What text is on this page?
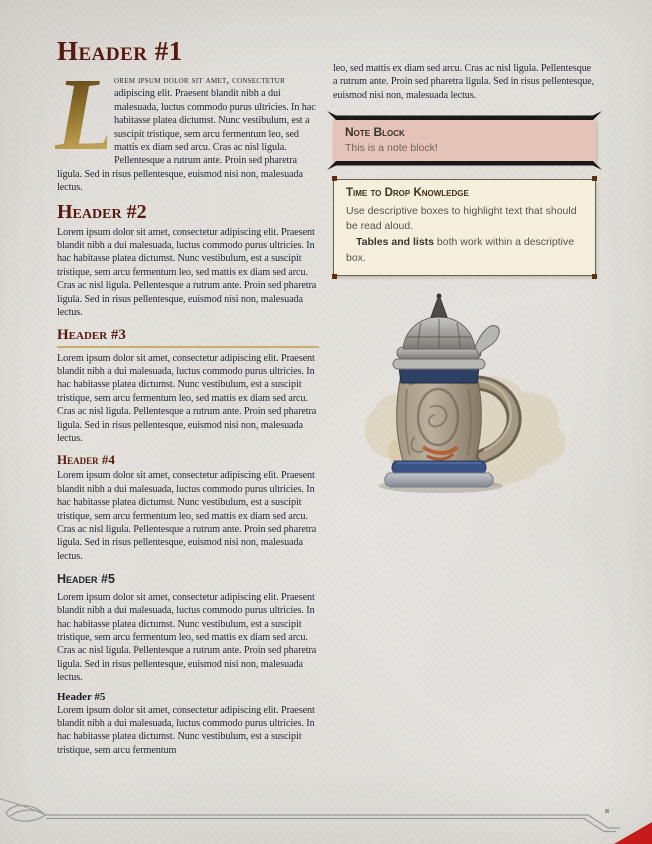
Header #1

L
orem ipsum dolor sit amet, consectetur adipiscing elit. Praesent blandit nibh a dui malesuada, luctus commodo purus ultricies. In hac habitasse platea dictumst. Nunc vestibulum, est a suscipit tristique, sem arcu fermentum leo, sed mattis ex diam sed arcu. Cras ac nisl ligula. Pellentesque a rutrum ante. Proin sed pharetra ligula. Sed in risus pellentesque, euismod nisi non, malesuada lectus.

Header #2

Lorem ipsum dolor sit amet, consectetur adipiscing elit. Praesent blandit nibh a dui malesuada, luctus commodo purus ultricies. In hac habitasse platea dictumst. Nunc vestibulum, est a suscipit tristique, sem arcu fermentum leo, sed mattis ex diam sed arcu. Cras ac nisl ligula. Pellentesque a rutrum ante. Proin sed pharetra ligula. Sed in risus pellentesque, euismod nisi non, malesuada lectus.

Header #3

Lorem ipsum dolor sit amet, consectetur adipiscing elit. Praesent blandit nibh a dui malesuada, luctus commodo purus ultricies. In hac habitasse platea dictumst. Nunc vestibulum, est a suscipit tristique, sem arcu fermentum leo, sed mattis ex diam sed arcu. Cras ac nisl ligula. Pellentesque a rutrum ante. Proin sed pharetra ligula. Sed in risus pellentesque, euismod nisi non, malesuada lectus.

Header #4

Lorem ipsum dolor sit amet, consectetur adipiscing elit. Praesent blandit nibh a dui malesuada, luctus commodo purus ultricies. In hac habitasse platea dictumst. Nunc vestibulum, est a suscipit tristique, sem arcu fermentum leo, sed mattis ex diam sed arcu. Cras ac nisl ligula. Pellentesque a rutrum ante. Proin sed pharetra ligula. Sed in risus pellentesque, euismod nisi non, malesuada lectus.

Header #5

Lorem ipsum dolor sit amet, consectetur adipiscing elit. Praesent blandit nibh a dui malesuada, luctus commodo purus ultricies. In hac habitasse platea dictumst. Nunc vestibulum, est a suscipit tristique, sem arcu fermentum leo, sed mattis ex diam sed arcu. Cras ac nisl ligula. Pellentesque a rutrum ante. Proin sed pharetra ligula. Sed in risus pellentesque, euismod nisi non, malesuada lectus.

Header #5

Lorem ipsum dolor sit amet, consectetur adipiscing elit. Praesent blandit nibh a dui malesuada, luctus commodo purus ultricies. In hac habitasse platea dictumst. Nunc vestibulum, est a suscipit tristique, sem arcu fermentum

leo, sed mattis ex diam sed arcu. Cras ac nisl ligula. Pellentesque a rutrum ante. Proin sed pharetra ligula. Sed in risus pellentesque, euismod nisi non, malesuada lectus.

Note Block
This is a note block!
Time to Drop Knowledge

Use descriptive boxes to highlight text that should be read aloud.

Tables and lists both work within a descriptive box.
